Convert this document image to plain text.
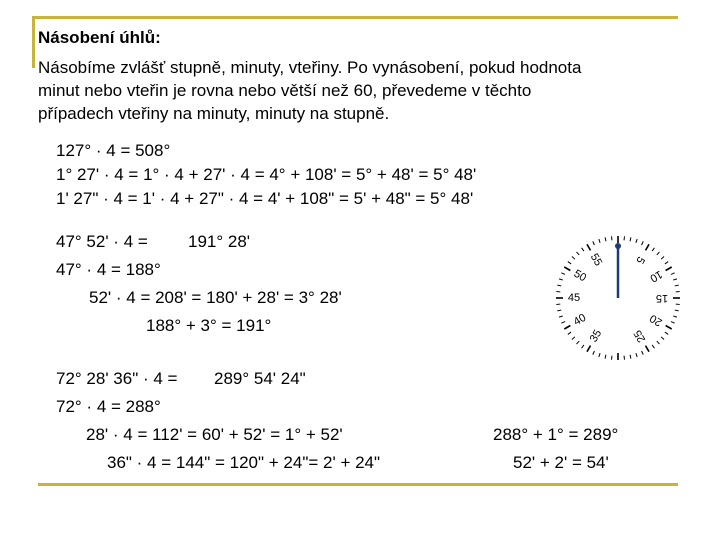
Násobení úhlů:
Násobíme zvlášť stupně, minuty, vteřiny. Po vynásobení, pokud hodnota
minut nebo vteřin je rovna nebo větší než 60, převedeme v těchto
případech vteřiny na minuty, minuty na stupně.
127° · 4 = 508°
1° 27' · 4 = 1° · 4 + 27' · 4 = 4° + 108' = 5° + 48' = 5° 48'
1' 27" · 4 = 1' · 4 + 27" · 4 = 4' + 108" = 5' + 48" = 5° 48'
47° 52' · 4 = 191° 28'
47° · 4 = 188°
52' · 4 = 208' = 180' + 28' = 3° 28'
188° + 3° = 191°
72° 28' 36" · 4 = 289° 54' 24"
72° · 4 = 288°
28' · 4 = 112' = 60' + 52' = 1° + 52'
36" · 4 = 144" = 120" + 24"= 2' + 24"
288° + 1° = 289°
52' + 2' = 54'
55	5
10
15
20
25
35
40
45
50
